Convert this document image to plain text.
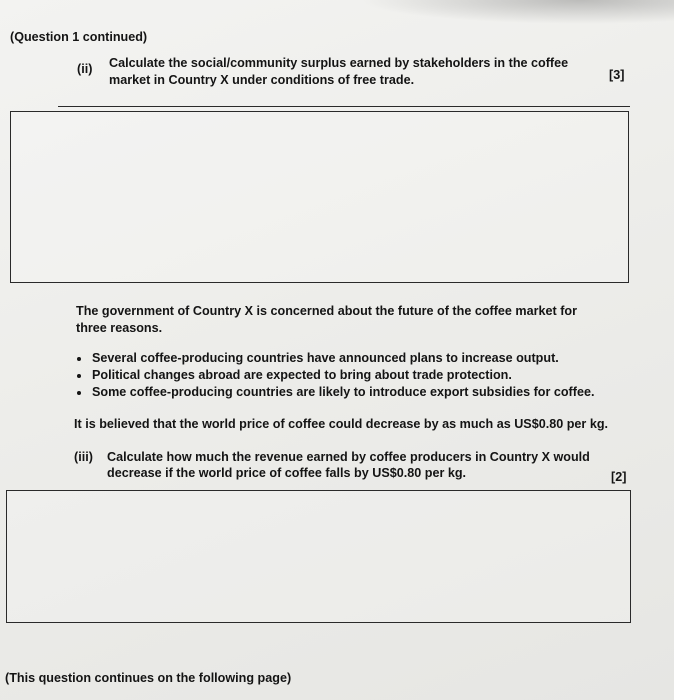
(Question 1 continued)

(ii) Calculate the social/community surplus earned by stakeholders in the coffee

market in Country X under conditions of free trade.	[3]

The government of Country X is concerned about the future of the coffee market for

three reasons.

Several coffee-producing countries have announced plans to increase output.

Political changes abroad are expected to bring about trade protection.

Some coffee-producing countries are likely to introduce export subsidies for coffee.

It is believed that the world price of coffee could decrease by as much as US$0.80 per kg.

(iii) Calculate how much the revenue earned by coffee producers in Country X would

decrease if the world price of coffee falls by US$0.80 per kg.	[2]

(This question continues on the following page)
